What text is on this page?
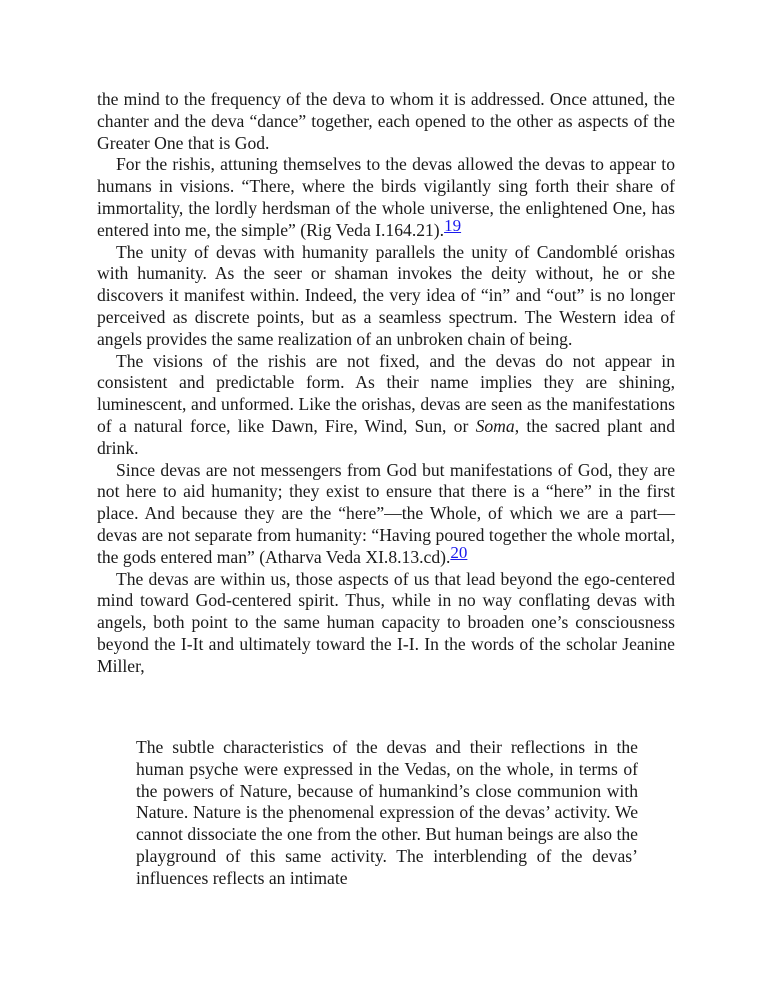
the mind to the frequency of the deva to whom it is addressed. Once attuned, the chanter and the deva “dance” together, each opened to the other as aspects of the Greater One that is God.

For the rishis, attuning themselves to the devas allowed the devas to appear to humans in visions. “There, where the birds vigilantly sing forth their share of immortality, the lordly herdsman of the whole universe, the enlightened One, has entered into me, the simple” (Rig Veda I.164.21).19

The unity of devas with humanity parallels the unity of Candomblé orishas with humanity. As the seer or shaman invokes the deity without, he or she discovers it manifest within. Indeed, the very idea of “in” and “out” is no longer perceived as discrete points, but as a seamless spectrum. The Western idea of angels provides the same realization of an unbroken chain of being.

The visions of the rishis are not fixed, and the devas do not appear in consistent and predictable form. As their name implies they are shining, luminescent, and unformed. Like the orishas, devas are seen as the manifestations of a natural force, like Dawn, Fire, Wind, Sun, or Soma, the sacred plant and drink.

Since devas are not messengers from God but manifestations of God, they are not here to aid humanity; they exist to ensure that there is a “here” in the first place. And because they are the “here”—the Whole, of which we are a part—devas are not separate from humanity: “Having poured together the whole mortal, the gods entered man” (Atharva Veda XI.8.13.cd).20

The devas are within us, those aspects of us that lead beyond the ego-centered mind toward God-centered spirit. Thus, while in no way conflating devas with angels, both point to the same human capacity to broaden one’s consciousness beyond the I-It and ultimately toward the I-I. In the words of the scholar Jeanine Miller,

The subtle characteristics of the devas and their reflections in the human psyche were expressed in the Vedas, on the whole, in terms of the powers of Nature, because of humankind’s close communion with Nature. Nature is the phenomenal expression of the devas’ activity. We cannot dissociate the one from the other. But human beings are also the playground of this same activity. The interblending of the devas’ influences reflects an intimate
